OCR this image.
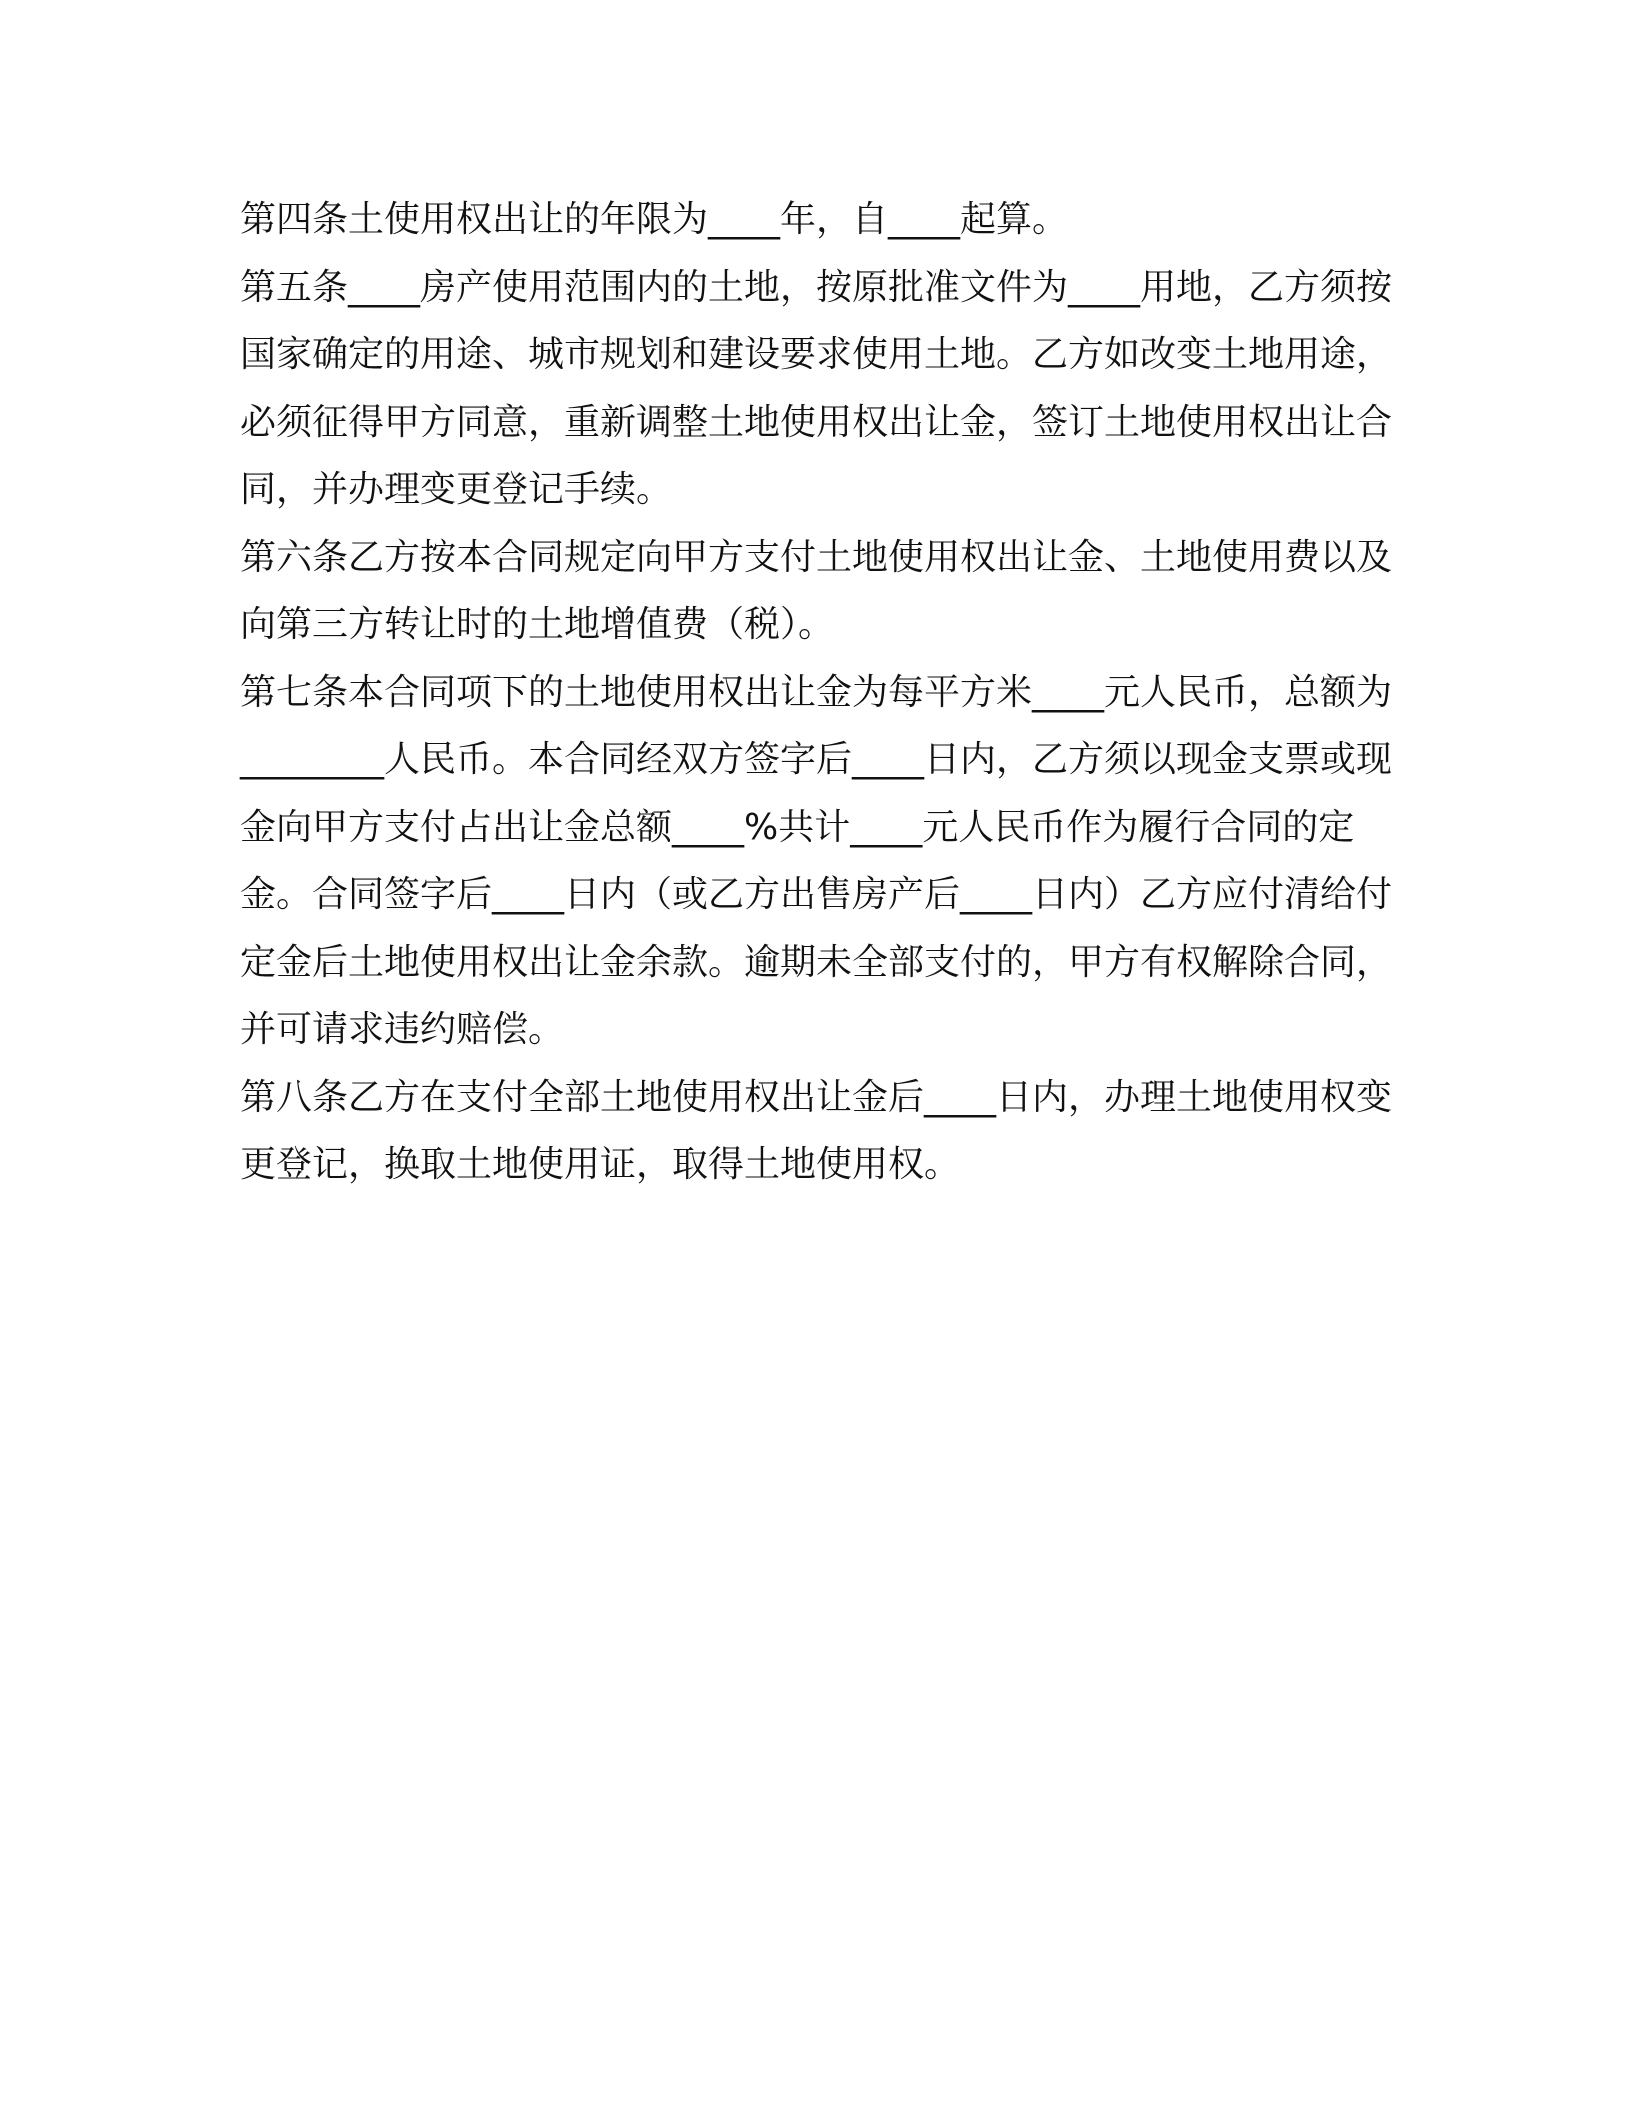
第四条土使用权出让的年限为____年，自____起算。

第五条____房产使用范围内的土地，按原批准文件为____用地，乙方须按国家确定的用途、城市规划和建设要求使用土地。乙方如改变土地用途，必须征得甲方同意，重新调整土地使用权出让金，签订土地使用权出让合同，并办理变更登记手续。

第六条乙方按本合同规定向甲方支付土地使用权出让金、土地使用费以及向第三方转让时的土地增值费（税）。

第七条本合同项下的土地使用权出让金为每平方米____元人民币，总额为________人民币。本合同经双方签字后____日内，乙方须以现金支票或现金向甲方支付占出让金总额____%共计____元人民币作为履行合同的定金。合同签字后____日内（或乙方出售房产后____日内）乙方应付清给付定金后土地使用权出让金余款。逾期未全部支付的，甲方有权解除合同，并可请求违约赔偿。

第八条乙方在支付全部土地使用权出让金后____日内，办理土地使用权变更登记，换取土地使用证，取得土地使用权。
